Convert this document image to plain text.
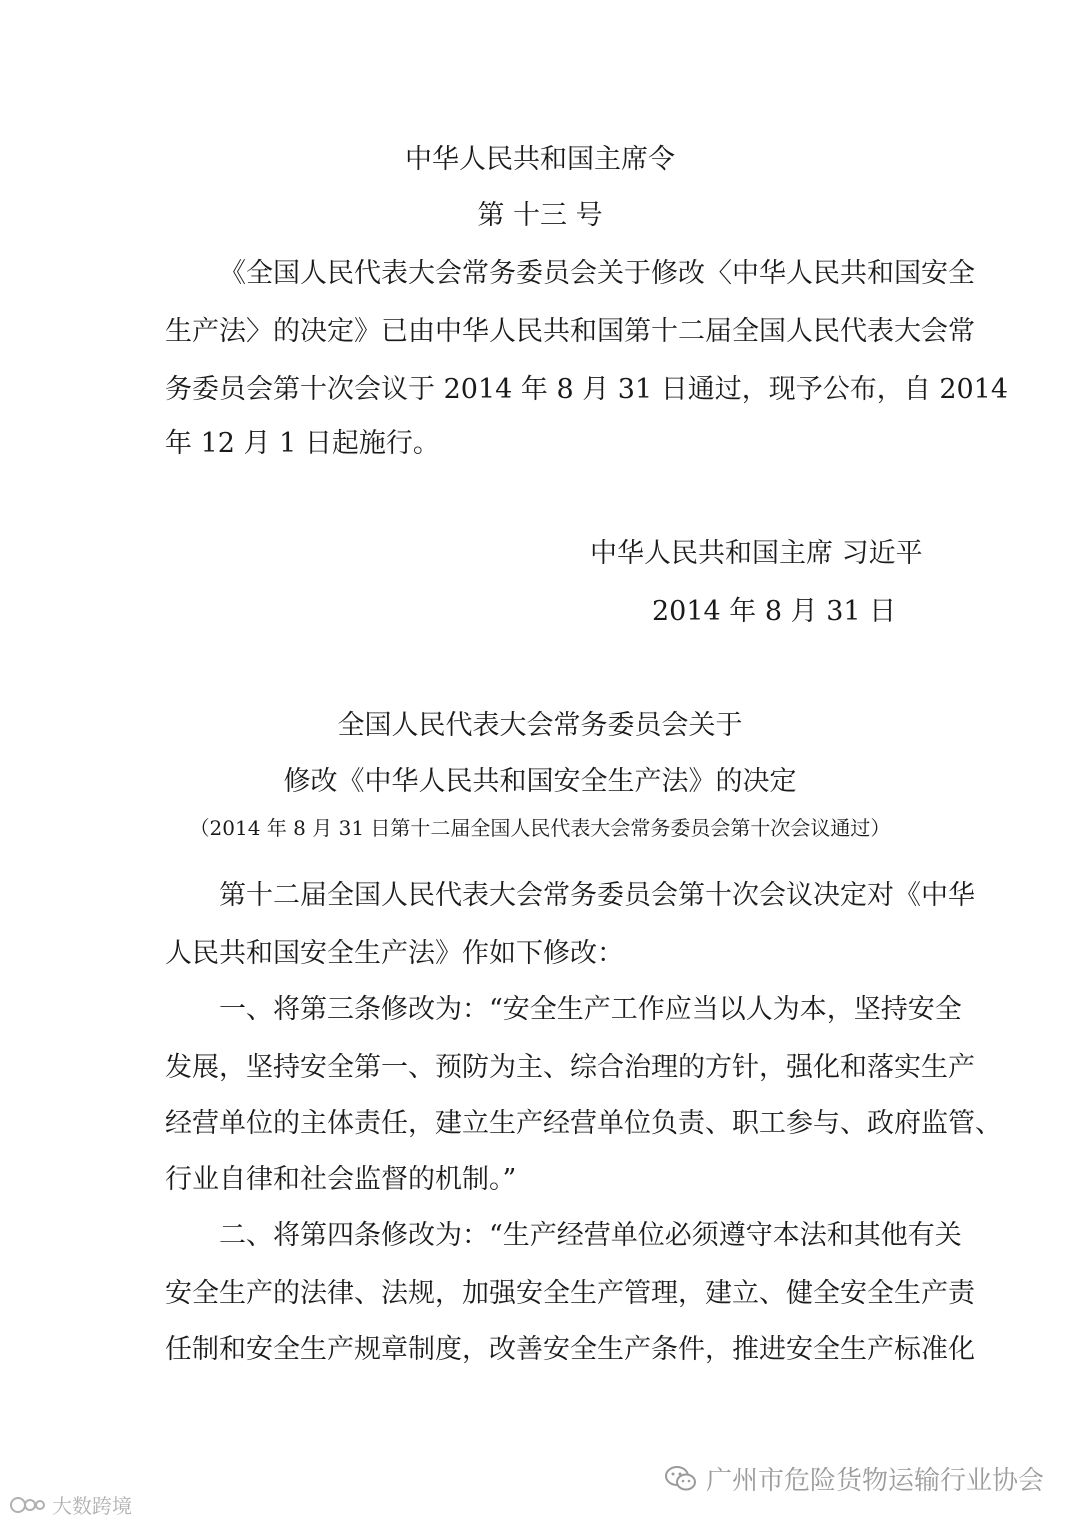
中华人民共和国主席令
第 十三 号
《全国人民代表大会常务委员会关于修改〈中华人民共和国安全
生产法〉的决定》已由中华人民共和国第十二届全国人民代表大会常
务委员会第十次会议于 2014 年 8 月 31 日通过，现予公布，自 2014
年 12 月 1 日起施行。
中华人民共和国主席 习近平
2014 年 8 月 31 日
全国人民代表大会常务委员会关于
修改《中华人民共和国安全生产法》的决定
（2014 年 8 月 31 日第十二届全国人民代表大会常务委员会第十次会议通过）
第十二届全国人民代表大会常务委员会第十次会议决定对《中华
人民共和国安全生产法》作如下修改：
一、将第三条修改为：“安全生产工作应当以人为本，坚持安全
发展，坚持安全第一、预防为主、综合治理的方针，强化和落实生产
经营单位的主体责任，建立生产经营单位负责、职工参与、政府监管、
行业自律和社会监督的机制。”
二、将第四条修改为：“生产经营单位必须遵守本法和其他有关
安全生产的法律、法规，加强安全生产管理，建立、健全安全生产责
任制和安全生产规章制度，改善安全生产条件，推进安全生产标准化
广州市危险货物运输行业协会
大数跨境
